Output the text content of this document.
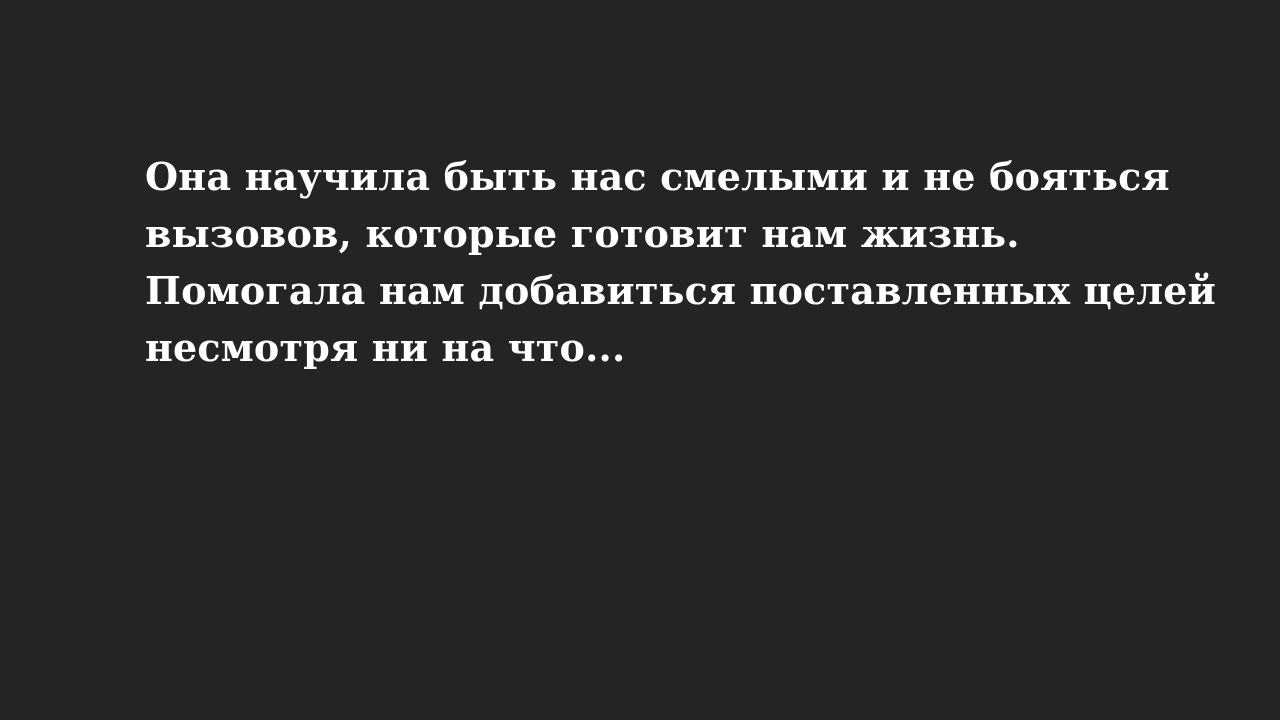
Она научила быть нас смелыми и не бояться
вызовов, которые готовит нам жизнь.
Помогала нам добавиться поставленных целей
несмотря ни на что...
